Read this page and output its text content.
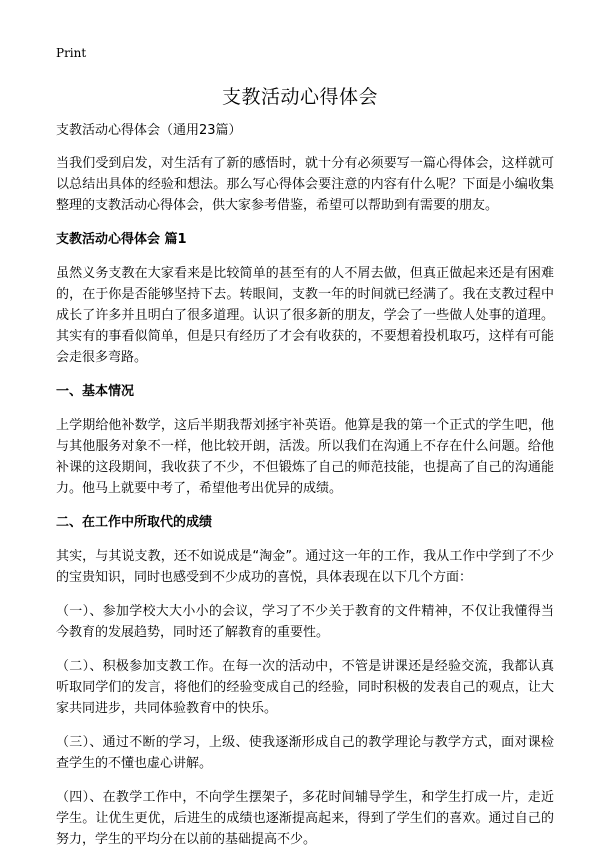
Print
支教活动心得体会

支教活动心得体会（通用23篇）

当我们受到启发，对生活有了新的感悟时，就十分有必须要写一篇心得体会，这样就可以总结出具体的经验和想法。那么写心得体会要注意的内容有什么呢？下面是小编收集整理的支教活动心得体会，供大家参考借鉴，希望可以帮助到有需要的朋友。

支教活动心得体会 篇1

虽然义务支教在大家看来是比较简单的甚至有的人不屑去做，但真正做起来还是有困难的，在于你是否能够坚持下去。转眼间，支教一年的时间就已经满了。我在支教过程中成长了许多并且明白了很多道理。认识了很多新的朋友，学会了一些做人处事的道理。其实有的事看似简单，但是只有经历了才会有收获的，不要想着投机取巧，这样有可能会走很多弯路。

一、基本情况

上学期给他补数学，这后半期我帮刘拯宇补英语。他算是我的第一个正式的学生吧，他与其他服务对象不一样，他比较开朗，活泼。所以我们在沟通上不存在什么问题。给他补课的这段期间，我收获了不少，不但锻炼了自己的师范技能，也提高了自己的沟通能力。他马上就要中考了，希望他考出优异的成绩。

二、在工作中所取代的成绩

其实，与其说支教，还不如说成是“淘金”。通过这一年的工作，我从工作中学到了不少的宝贵知识，同时也感受到不少成功的喜悦，具体表现在以下几个方面：

（一）、参加学校大大小小的会议，学习了不少关于教育的文件精神，不仅让我懂得当今教育的发展趋势，同时还了解教育的重要性。

（二）、积极参加支教工作。在每一次的活动中，不管是讲课还是经验交流，我都认真听取同学们的发言，将他们的经验变成自己的经验，同时积极的发表自己的观点，让大家共同进步，共同体验教育中的快乐。

（三）、通过不断的学习，上级、使我逐渐形成自己的教学理论与教学方式，面对课检查学生的不懂也虚心讲解。

（四）、在教学工作中，不向学生摆架子，多花时间辅导学生，和学生打成一片，走近学生。让优生更优，后进生的成绩也逐渐提高起来，得到了学生们的喜欢。通过自己的努力，学生的平均分在以前的基础提高不少。
